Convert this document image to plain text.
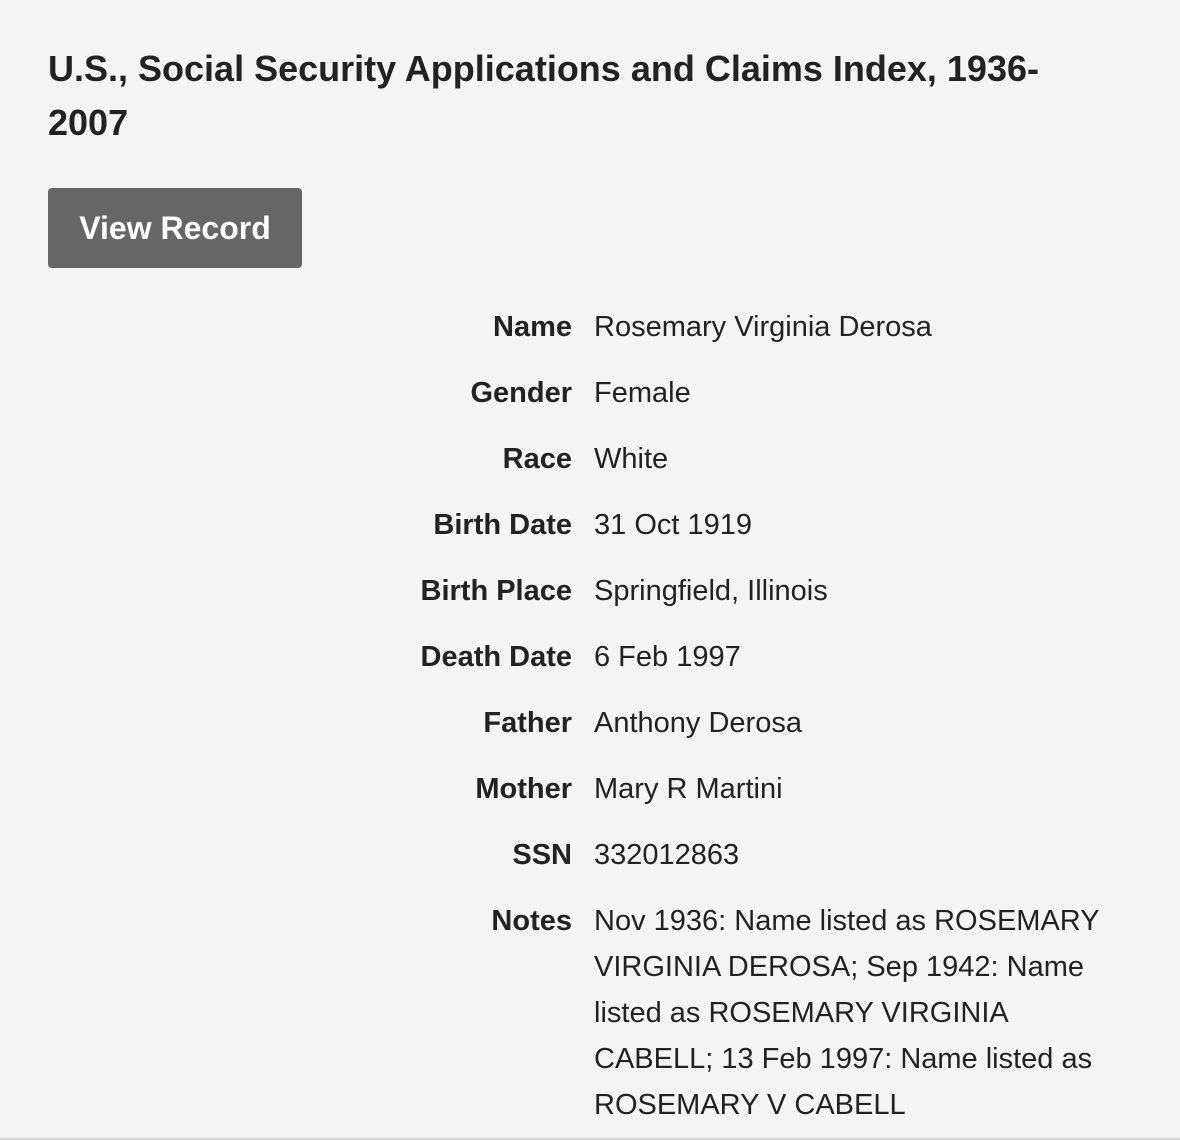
U.S., Social Security Applications and Claims Index, 1936-2007
View Record
Name Rosemary Virginia Derosa
Gender Female
Race White
Birth Date 31 Oct 1919
Birth Place Springfield, Illinois
Death Date 6 Feb 1997
Father Anthony Derosa
Mother Mary R Martini
SSN 332012863
Notes Nov 1936: Name listed as ROSEMARY VIRGINIA DEROSA; Sep 1942: Name listed as ROSEMARY VIRGINIA CABELL; 13 Feb 1997: Name listed as ROSEMARY V CABELL
